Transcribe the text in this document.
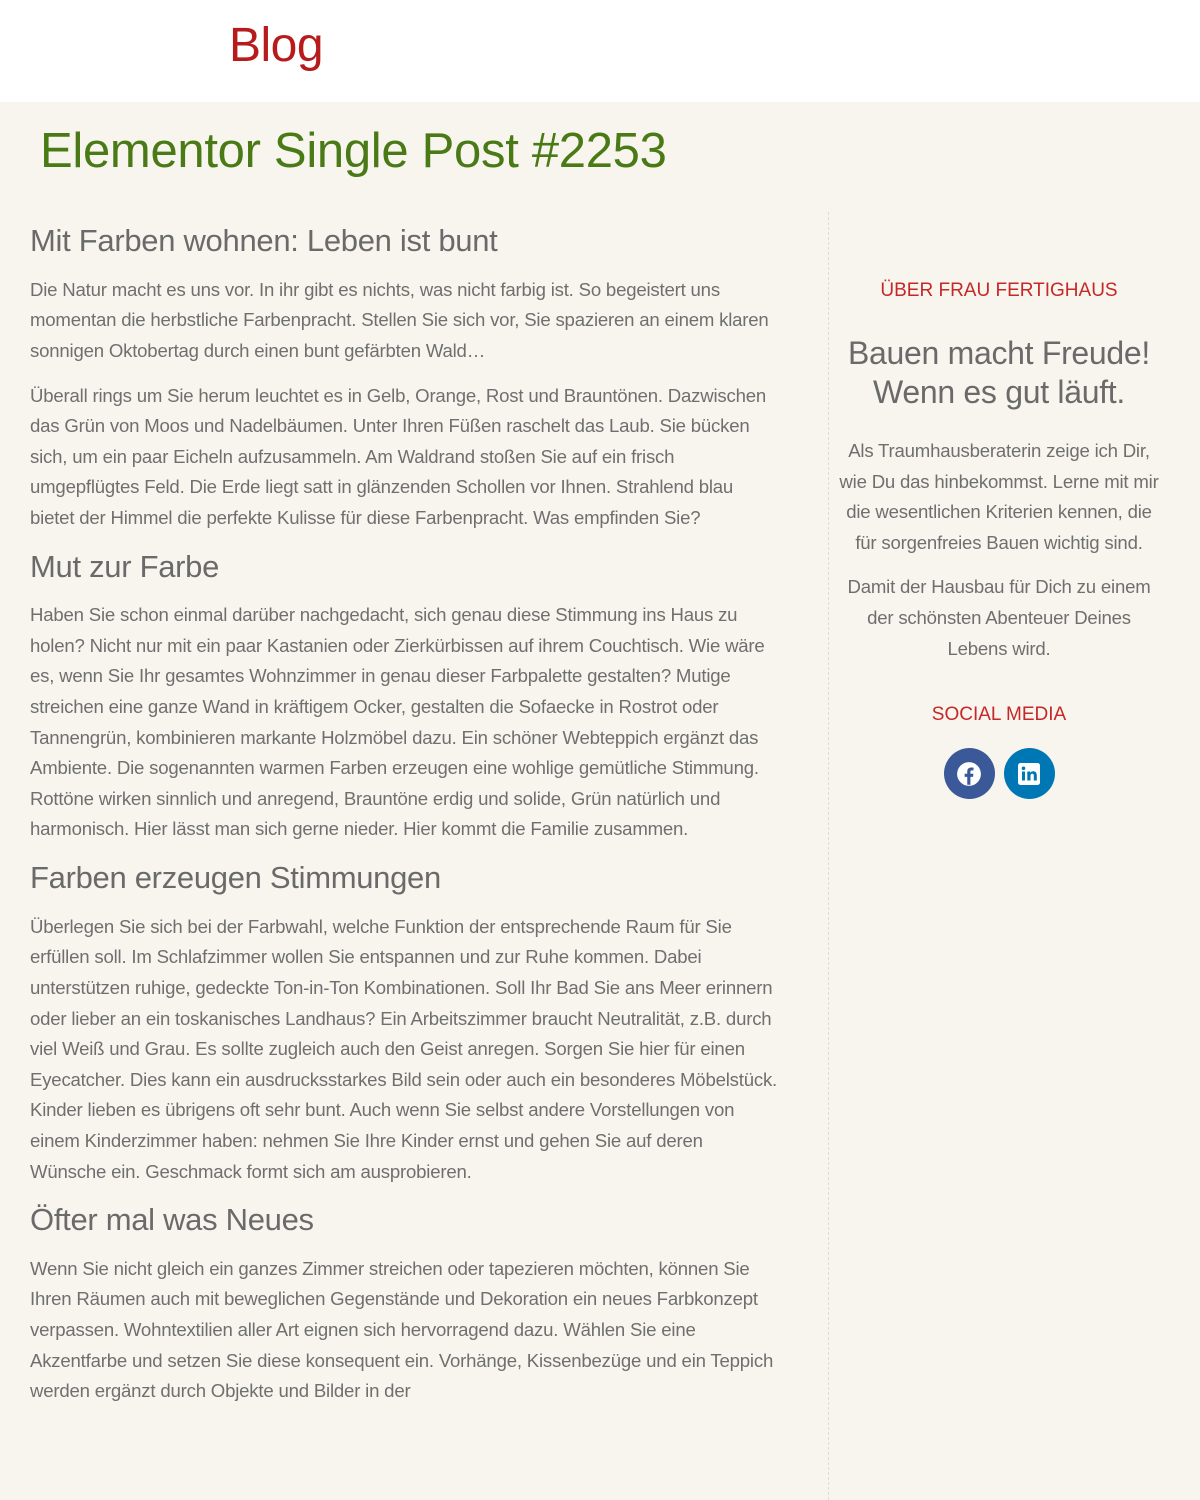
Blog
Elementor Single Post #2253
Mit Farben wohnen: Leben ist bunt

Die Natur macht es uns vor. In ihr gibt es nichts, was nicht farbig ist. So begeistert uns momentan die herbstliche Farbenpracht. Stellen Sie sich vor, Sie spazieren an einem klaren sonnigen Oktobertag durch einen bunt gefärbten Wald…

Überall rings um Sie herum leuchtet es in Gelb, Orange, Rost und Brauntönen. Dazwischen das Grün von Moos und Nadelbäumen. Unter Ihren Füßen raschelt das Laub. Sie bücken sich, um ein paar Eicheln aufzusammeln. Am Waldrand stoßen Sie auf ein frisch umgepflügtes Feld. Die Erde liegt satt in glänzenden Schollen vor Ihnen. Strahlend blau bietet der Himmel die perfekte Kulisse für diese Farbenpracht. Was empfinden Sie?

Mut zur Farbe

Haben Sie schon einmal darüber nachgedacht, sich genau diese Stimmung ins Haus zu holen? Nicht nur mit ein paar Kastanien oder Zierkürbissen auf ihrem Couchtisch. Wie wäre es, wenn Sie Ihr gesamtes Wohnzimmer in genau dieser Farbpalette gestalten? Mutige streichen eine ganze Wand in kräftigem Ocker, gestalten die Sofaecke in Rostrot oder Tannengrün, kombinieren markante Holzmöbel dazu. Ein schöner Webteppich ergänzt das Ambiente. Die sogenannten warmen Farben erzeugen eine wohlige gemütliche Stimmung. Rottöne wirken sinnlich und anregend, Brauntöne erdig und solide, Grün natürlich und harmonisch. Hier lässt man sich gerne nieder. Hier kommt die Familie zusammen.

Farben erzeugen Stimmungen

Überlegen Sie sich bei der Farbwahl, welche Funktion der entsprechende Raum für Sie erfüllen soll. Im Schlafzimmer wollen Sie entspannen und zur Ruhe kommen. Dabei unterstützen ruhige, gedeckte Ton-in-Ton Kombinationen. Soll Ihr Bad Sie ans Meer erinnern oder lieber an ein toskanisches Landhaus? Ein Arbeitszimmer braucht Neutralität, z.B. durch viel Weiß und Grau. Es sollte zugleich auch den Geist anregen. Sorgen Sie hier für einen Eyecatcher. Dies kann ein ausdrucksstarkes Bild sein oder auch ein besonderes Möbelstück. Kinder lieben es übrigens oft sehr bunt. Auch wenn Sie selbst andere Vorstellungen von einem Kinderzimmer haben: nehmen Sie Ihre Kinder ernst und gehen Sie auf deren Wünsche ein. Geschmack formt sich am ausprobieren.

Öfter mal was Neues

Wenn Sie nicht gleich ein ganzes Zimmer streichen oder tapezieren möchten, können Sie Ihren Räumen auch mit beweglichen Gegenstände und Dekoration ein neues Farbkonzept verpassen. Wohntextilien aller Art eignen sich hervorragend dazu. Wählen Sie eine Akzentfarbe und setzen Sie diese konsequent ein. Vorhänge, Kissenbezüge und ein Teppich werden ergänzt durch Objekte und Bilder in der

ÜBER FRAU FERTIGHAUS
Bauen macht Freude!
Wenn es gut läuft.

Als Traumhausberaterin zeige ich Dir, wie Du das hinbekommst. Lerne mit mir die wesentlichen Kriterien kennen, die für sorgenfreies Bauen wichtig sind.

Damit der Hausbau für Dich zu einem der schönsten Abenteuer Deines Lebens wird.

SOCIAL MEDIA
